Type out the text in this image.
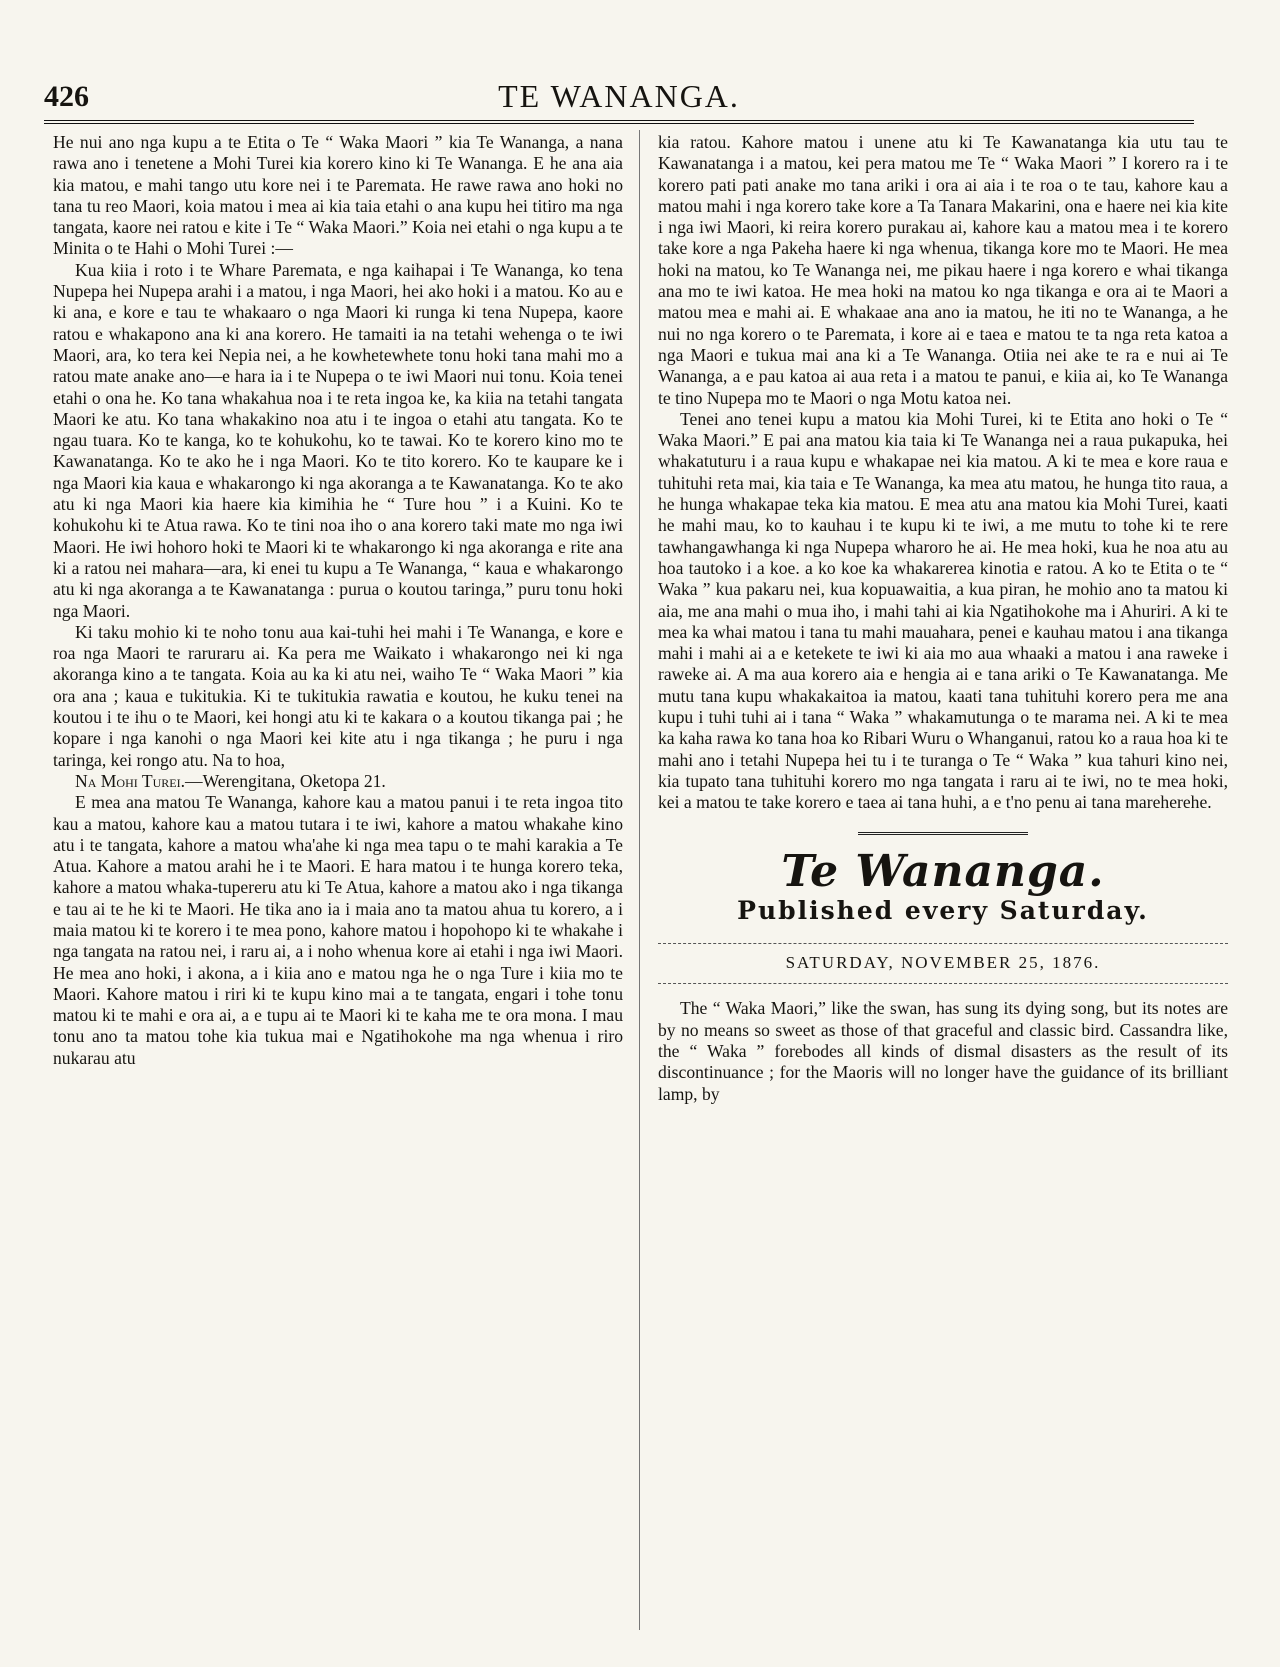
426	TE WANANGA.

He nui ano nga kupu a te Etita o Te “ Waka Maori ” kia Te Wananga, a nana rawa ano i tenetene a Mohi Turei kia korero kino ki Te Wananga. E he ana aia kia matou, e mahi tango utu kore nei i te Paremata. He rawe rawa ano hoki no tana tu reo Maori, koia matou i mea ai kia taia etahi o ana kupu hei titiro ma nga tangata, kaore nei ratou e kite i Te “ Waka Maori.” Koia nei etahi o nga kupu a te Minita o te Hahi o Mohi Turei :—

Kua kiia i roto i te Whare Paremata, e nga kaihapai i Te Wananga, ko tena Nupepa hei Nupepa arahi i a matou, i nga Maori, hei ako hoki i a matou. Ko au e ki ana, e kore e tau te whakaaro o nga Maori ki runga ki tena Nupepa, kaore ratou e whakapono ana ki ana korero. He tamaiti ia na tetahi wehenga o te iwi Maori, ara, ko tera kei Nepia nei, a he kowhetewhete tonu hoki tana mahi mo a ratou mate anake ano—e hara ia i te Nupepa o te iwi Maori nui tonu. Koia tenei etahi o ona he. Ko tana whakahua noa i te reta ingoa ke, ka kiia na tetahi tangata Maori ke atu. Ko tana whakakino noa atu i te ingoa o etahi atu tangata. Ko te ngau tuara. Ko te kanga, ko te kohukohu, ko te tawai. Ko te korero kino mo te Kawanatanga. Ko te ako he i nga Maori. Ko te tito korero. Ko te kaupare ke i nga Maori kia kaua e whakarongo ki nga akoranga a te Kawanatanga. Ko te ako atu ki nga Maori kia haere kia kimihia he “ Ture hou ” i a Kuini. Ko te kohukohu ki te Atua rawa. Ko te tini noa iho o ana korero taki mate mo nga iwi Maori. He iwi hohoro hoki te Maori ki te whakarongo ki nga akoranga e rite ana ki a ratou nei mahara—ara, ki enei tu kupu a Te Wananga, “ kaua e whakarongo atu ki nga akoranga a te Kawanatanga : purua o koutou taringa,” puru tonu hoki nga Maori.

Ki taku mohio ki te noho tonu aua kai-tuhi hei mahi i Te Wananga, e kore e roa nga Maori te raruraru ai. Ka pera me Waikato i whakarongo nei ki nga akoranga kino a te tangata. Koia au ka ki atu nei, waiho Te “ Waka Maori ” kia ora ana ; kaua e tukitukia. Ki te tukitukia rawatia e koutou, he kuku tenei na koutou i te ihu o te Maori, kei hongi atu ki te kakara o a koutou tikanga pai ; he kopare i nga kanohi o nga Maori kei kite atu i nga tikanga ; he puru i nga taringa, kei rongo atu. Na to hoa,

Na Mohi Turei.—Werengitana, Oketopa 21.

E mea ana matou Te Wananga, kahore kau a matou panui i te reta ingoa tito kau a matou, kahore kau a matou tutara i te iwi, kahore a matou whakahe kino atu i te tangata, kahore a matou wha'ahe ki nga mea tapu o te mahi karakia a Te Atua. Kahore a matou arahi he i te Maori. E hara matou i te hunga korero teka, kahore a matou whaka-tupereru atu ki Te Atua, kahore a matou ako i nga tikanga e tau ai te he ki te Maori. He tika ano ia i maia ano ta matou ahua tu korero, a i maia matou ki te korero i te mea pono, kahore matou i hopohopo ki te whakahe i nga tangata na ratou nei, i raru ai, a i noho whenua kore ai etahi i nga iwi Maori. He mea ano hoki, i akona, a i kiia ano e matou nga he o nga Ture i kiia mo te Maori. Kahore matou i riri ki te kupu kino mai a te tangata, engari i tohe tonu matou ki te mahi e ora ai, a e tupu ai te Maori ki te kaha me te ora mona. I mau tonu ano ta matou tohe kia tukua mai e Ngatihokohe ma nga whenua i riro nukarau atu

kia ratou. Kahore matou i unene atu ki Te Kawanatanga kia utu tau te Kawanatanga i a matou, kei pera matou me Te “ Waka Maori ” I korero ra i te korero pati pati anake mo tana ariki i ora ai aia i te roa o te tau, kahore kau a matou mahi i nga korero take kore a Ta Tanara Makarini, ona e haere nei kia kite i nga iwi Maori, ki reira korero purakau ai, kahore kau a matou mea i te korero take kore a nga Pakeha haere ki nga whenua, tikanga kore mo te Maori. He mea hoki na matou, ko Te Wananga nei, me pikau haere i nga korero e whai tikanga ana mo te iwi katoa. He mea hoki na matou ko nga tikanga e ora ai te Maori a matou mea e mahi ai. E whakaae ana ano ia matou, he iti no te Wananga, a he nui no nga korero o te Paremata, i kore ai e taea e matou te ta nga reta katoa a nga Maori e tukua mai ana ki a Te Wananga. Otiia nei ake te ra e nui ai Te Wananga, a e pau katoa ai aua reta i a matou te panui, e kiia ai, ko Te Wananga te tino Nupepa mo te Maori o nga Motu katoa nei.

Tenei ano tenei kupu a matou kia Mohi Turei, ki te Etita ano hoki o Te “ Waka Maori.” E pai ana matou kia taia ki Te Wananga nei a raua pukapuka, hei whakatuturu i a raua kupu e whakapae nei kia matou. A ki te mea e kore raua e tuhituhi reta mai, kia taia e Te Wananga, ka mea atu matou, he hunga tito raua, a he hunga whakapae teka kia matou. E mea atu ana matou kia Mohi Turei, kaati he mahi mau, ko to kauhau i te kupu ki te iwi, a me mutu to tohe ki te rere tawhangawhanga ki nga Nupepa wharoro he ai. He mea hoki, kua he noa atu au hoa tautoko i a koe. a ko koe ka whakarerea kinotia e ratou. A ko te Etita o te “ Waka ” kua pakaru nei, kua kopuawaitia, a kua piran, he mohio ano ta matou ki aia, me ana mahi o mua iho, i mahi tahi ai kia Ngatihokohe ma i Ahuriri. A ki te mea ka whai matou i tana tu mahi mauahara, penei e kauhau matou i ana tikanga mahi i mahi ai a e ketekete te iwi ki aia mo aua whaaki a matou i ana raweke i raweke ai. A ma aua korero aia e hengia ai e tana ariki o Te Kawanatanga. Me mutu tana kupu whakakaitoa ia matou, kaati tana tuhituhi korero pera me ana kupu i tuhi tuhi ai i tana “ Waka ” whakamutunga o te marama nei. A ki te mea ka kaha rawa ko tana hoa ko Ribari Wuru o Whanganui, ratou ko a raua hoa ki te mahi ano i tetahi Nupepa hei tu i te turanga o Te “ Waka ” kua tahuri kino nei, kia tupato tana tuhituhi korero mo nga tangata i raru ai te iwi, no te mea hoki, kei a matou te take korero e taea ai tana huhi, a e t'no penu ai tana mareherehe.

Te Wananga.
Published every Saturday.
SATURDAY, NOVEMBER 25, 1876.

The “ Waka Maori,” like the swan, has sung its dying song, but its notes are by no means so sweet as those of that graceful and classic bird. Cassandra like, the “ Waka ” forebodes all kinds of dismal disasters as the result of its discontinuance ; for the Maoris will no longer have the guidance of its brilliant lamp, by
